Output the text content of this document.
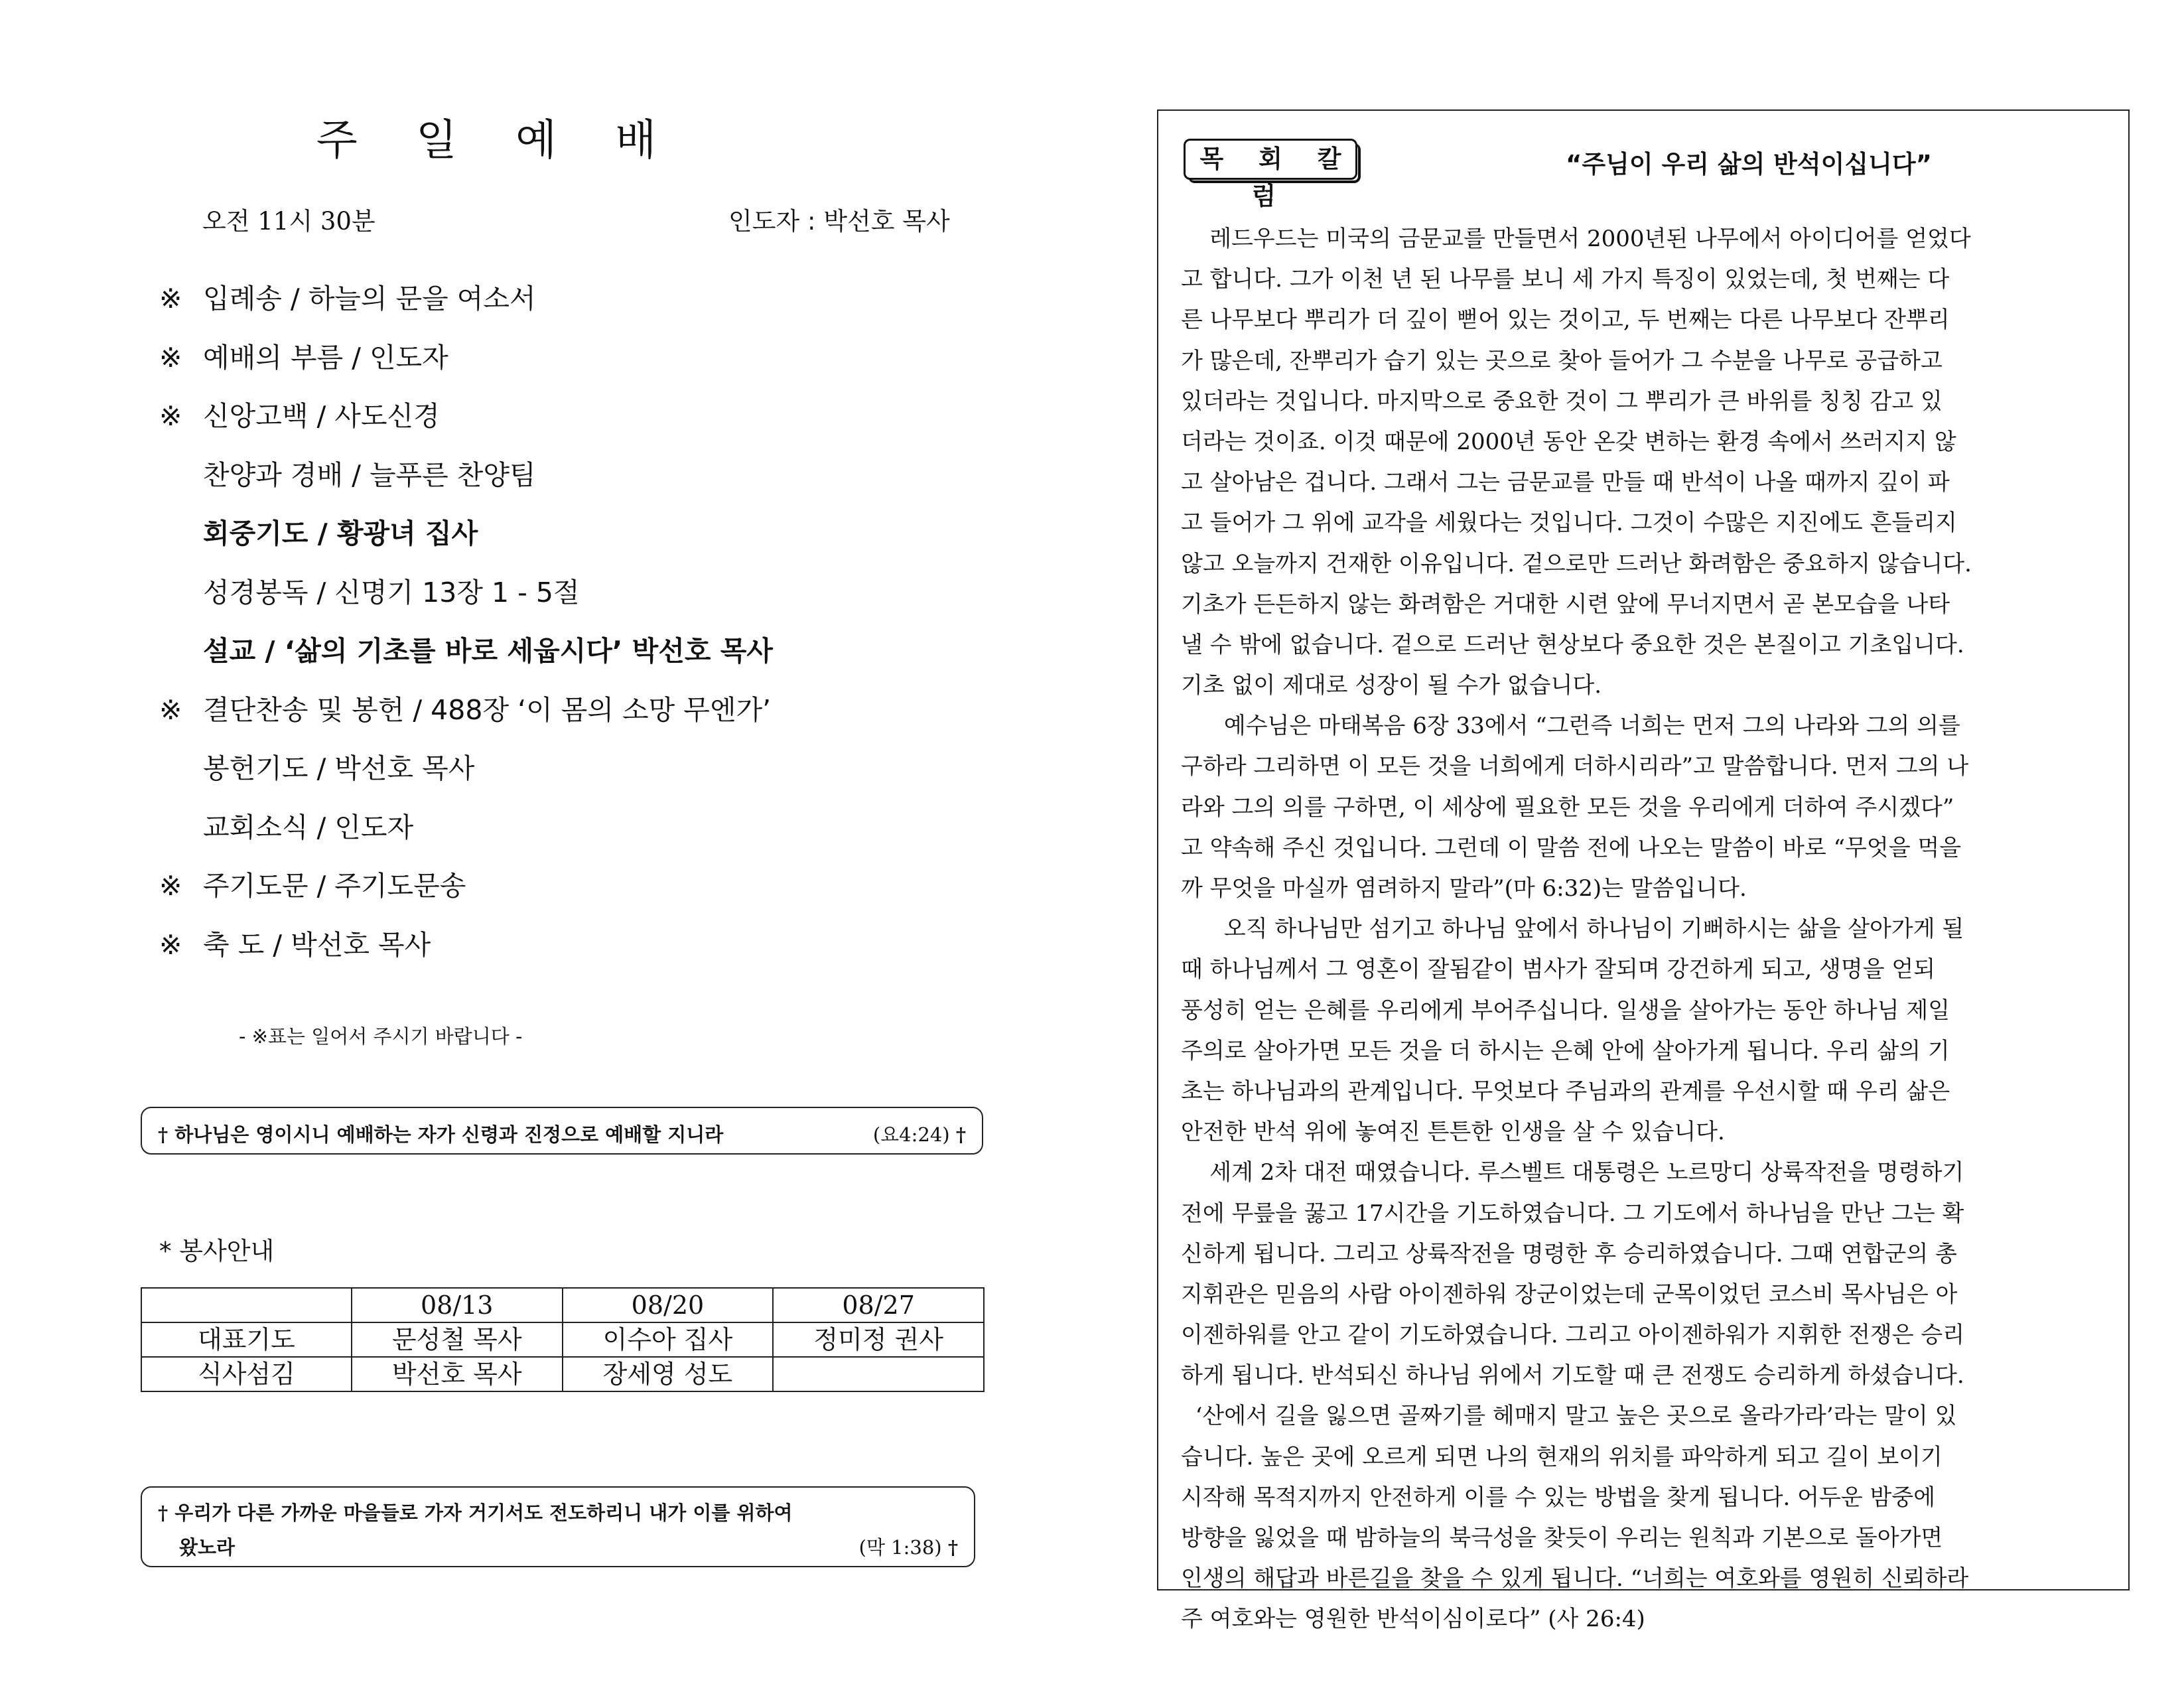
주 일 예 배
오전 11시 30분	인도자 : 박선호 목사
※ 입례송 / 하늘의 문을 여소서
※ 예배의 부름 / 인도자
※ 신앙고백 / 사도신경
찬양과 경배 / 늘푸른 찬양팀
회중기도 / 황광녀 집사
성경봉독 / 신명기 13장 1 - 5절
설교 / ‘삶의 기초를 바로 세웁시다’ 박선호 목사
※ 결단찬송 및 봉헌 / 488장 ‘이 몸의 소망 무엔가’
봉헌기도 / 박선호 목사
교회소식 / 인도자
※ 주기도문 / 주기도문송
※ 축 도 / 박선호 목사
- ※표는 일어서 주시기 바랍니다 -
† 하나님은 영이시니 예배하는 자가 신령과 진정으로 예배할 지니라	(요4:24) †
* 봉사안내
	08/13	08/20	08/27
대표기도	문성철 목사	이수아 집사	정미정 권사
식사섬김	박선호 목사	장세영 성도	
† 우리가 다른 가까운 마을들로 가자 거기서도 전도하리니 내가 이를 위하여
왔노라	(막 1:38) †
목 회 칼 럼
“주님이 우리 삶의 반석이십니다”
레드우드는 미국의 금문교를 만들면서 2000년된 나무에서 아이디어를 얻었다
고 합니다. 그가 이천 년 된 나무를 보니 세 가지 특징이 있었는데, 첫 번째는 다
른 나무보다 뿌리가 더 깊이 뻗어 있는 것이고, 두 번째는 다른 나무보다 잔뿌리
가 많은데, 잔뿌리가 습기 있는 곳으로 찾아 들어가 그 수분을 나무로 공급하고
있더라는 것입니다. 마지막으로 중요한 것이 그 뿌리가 큰 바위를 칭칭 감고 있
더라는 것이죠. 이것 때문에 2000년 동안 온갖 변하는 환경 속에서 쓰러지지 않
고 살아남은 겁니다. 그래서 그는 금문교를 만들 때 반석이 나올 때까지 깊이 파
고 들어가 그 위에 교각을 세웠다는 것입니다. 그것이 수많은 지진에도 흔들리지
않고 오늘까지 건재한 이유입니다. 겉으로만 드러난 화려함은 중요하지 않습니다.
기초가 든든하지 않는 화려함은 거대한 시련 앞에 무너지면서 곧 본모습을 나타
낼 수 밖에 없습니다. 겉으로 드러난 현상보다 중요한 것은 본질이고 기초입니다.
기초 없이 제대로 성장이 될 수가 없습니다.
예수님은 마태복음 6장 33에서 “그런즉 너희는 먼저 그의 나라와 그의 의를
구하라 그리하면 이 모든 것을 너희에게 더하시리라”고 말씀합니다. 먼저 그의 나
라와 그의 의를 구하면, 이 세상에 필요한 모든 것을 우리에게 더하여 주시겠다”
고 약속해 주신 것입니다. 그런데 이 말씀 전에 나오는 말씀이 바로 “무엇을 먹을
까 무엇을 마실까 염려하지 말라”(마 6:32)는 말씀입니다.
오직 하나님만 섬기고 하나님 앞에서 하나님이 기뻐하시는 삶을 살아가게 될
때 하나님께서 그 영혼이 잘됨같이 범사가 잘되며 강건하게 되고, 생명을 얻되
풍성히 얻는 은혜를 우리에게 부어주십니다. 일생을 살아가는 동안 하나님 제일
주의로 살아가면 모든 것을 더 하시는 은혜 안에 살아가게 됩니다. 우리 삶의 기
초는 하나님과의 관계입니다. 무엇보다 주님과의 관계를 우선시할 때 우리 삶은
안전한 반석 위에 놓여진 튼튼한 인생을 살 수 있습니다.
세계 2차 대전 때였습니다. 루스벨트 대통령은 노르망디 상륙작전을 명령하기
전에 무릎을 꿇고 17시간을 기도하였습니다. 그 기도에서 하나님을 만난 그는 확
신하게 됩니다. 그리고 상륙작전을 명령한 후 승리하였습니다. 그때 연합군의 총
지휘관은 믿음의 사람 아이젠하워 장군이었는데 군목이었던 코스비 목사님은 아
이젠하워를 안고 같이 기도하였습니다. 그리고 아이젠하워가 지휘한 전쟁은 승리
하게 됩니다. 반석되신 하나님 위에서 기도할 때 큰 전쟁도 승리하게 하셨습니다.
‘산에서 길을 잃으면 골짜기를 헤매지 말고 높은 곳으로 올라가라’라는 말이 있
습니다. 높은 곳에 오르게 되면 나의 현재의 위치를 파악하게 되고 길이 보이기
시작해 목적지까지 안전하게 이를 수 있는 방법을 찾게 됩니다. 어두운 밤중에
방향을 잃었을 때 밤하늘의 북극성을 찾듯이 우리는 원칙과 기본으로 돌아가면
인생의 해답과 바른길을 찾을 수 있게 됩니다. “너희는 여호와를 영원히 신뢰하라
주 여호와는 영원한 반석이심이로다” (사 26:4)
